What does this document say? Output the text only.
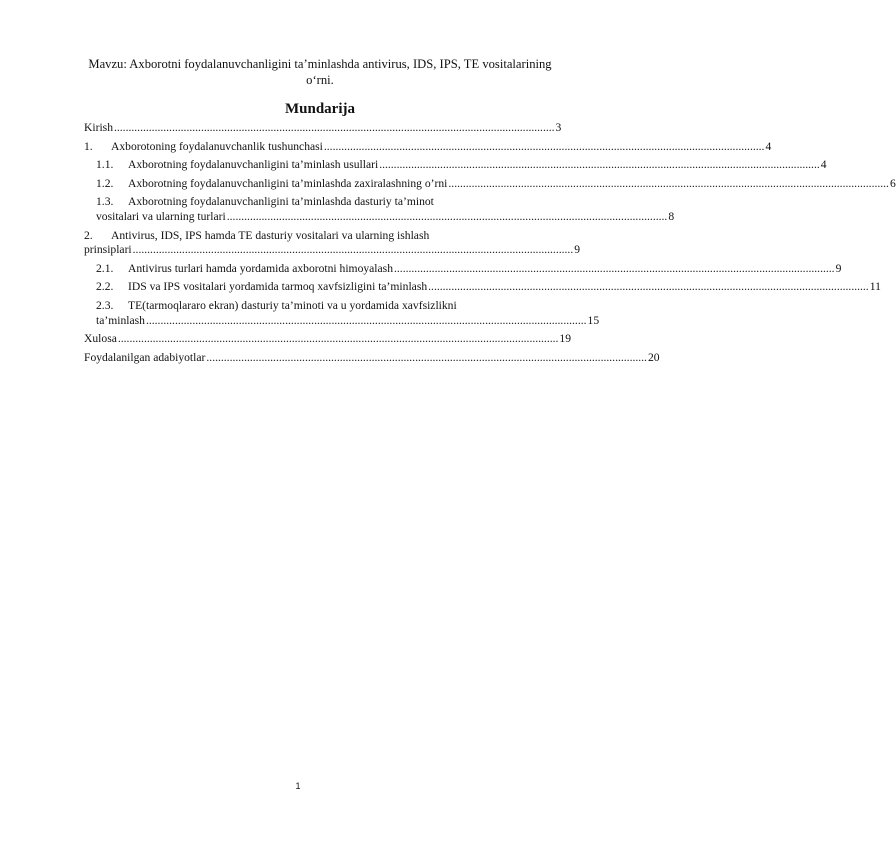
Mavzu: Axborotni foydalanuvchanligini ta’minlashda antivirus, IDS, IPS, TE vositalarining o‘rni.
Mundarija
Kirish ........................................................................................................................................................ 3
1. Axborotoning foydalanuvchanlik tushunchasi ........................................................................................................................................................ 4
1.1. Axborotning foydalanuvchanligini ta’minlash usullari ........................................................................................................................................................ 4
1.2. Axborotning foydalanuvchanligini ta’minlashda zaxiralashning o’rni ........................................................................................................................................................ 6
1.3. Axborotning foydalanuvchanligini ta’minlashda dasturiy ta’minot
vositalari va ularning turlari ........................................................................................................................................................ 8
2. Antivirus, IDS, IPS hamda TE dasturiy vositalari va ularning ishlash
prinsiplari ........................................................................................................................................................ 9
2.1. Antivirus turlari hamda yordamida axborotni himoyalash ........................................................................................................................................................ 9
2.2. IDS va IPS vositalari yordamida tarmoq xavfsizligini ta’minlash ........................................................................................................................................................ 11
2.3. TE(tarmoqlararo ekran) dasturiy ta’minoti va u yordamida xavfsizlikni
ta’minlash ........................................................................................................................................................ 15
Xulosa ........................................................................................................................................................ 19
Foydalanilgan adabiyotlar ........................................................................................................................................................ 20
1
